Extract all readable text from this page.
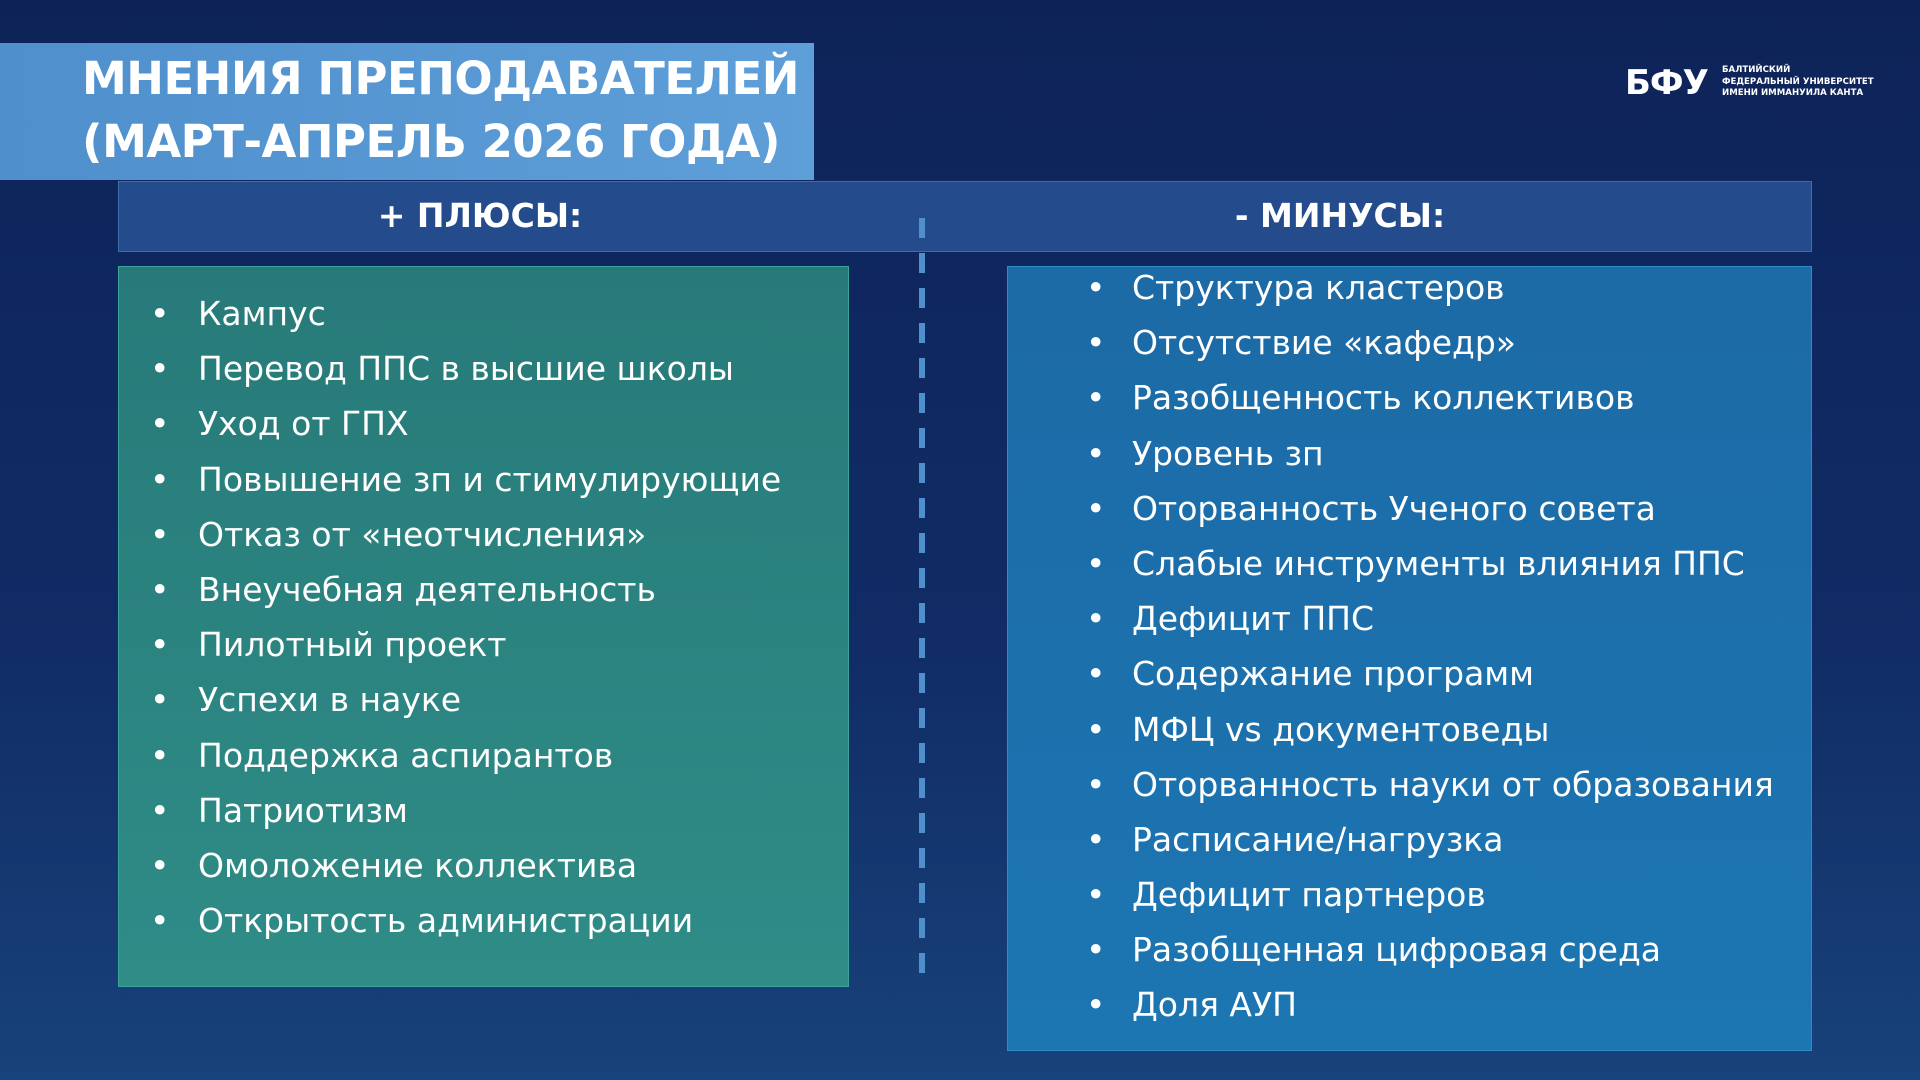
МНЕНИЯ ПРЕПОДАВАТЕЛЕЙ
(МАРТ-АПРЕЛЬ 2026 ГОДА)
БФУ БАЛТИЙСКИЙ
ФЕДЕРАЛЬНЫЙ УНИВЕРСИТЕТ
ИМЕНИ ИММАНУИЛА КАНТА
+ ПЛЮСЫ:	- МИНУСЫ:
• Кампус
• Перевод ППС в высшие школы
• Уход от ГПХ
• Повышение зп и стимулирующие
• Отказ от «неотчисления»
• Внеучебная деятельность
• Пилотный проект
• Успехи в науке
• Поддержка аспирантов
• Патриотизм
• Омоложение коллектива
• Открытость администрации
• Структура кластеров
• Отсутствие «кафедр»
• Разобщенность коллективов
• Уровень зп
• Оторванность Ученого совета
• Слабые инструменты влияния ППС
• Дефицит ППС
• Содержание программ
• МФЦ vs документоведы
• Оторванность науки от образования
• Расписание/нагрузка
• Дефицит партнеров
• Разобщенная цифровая среда
• Доля АУП
